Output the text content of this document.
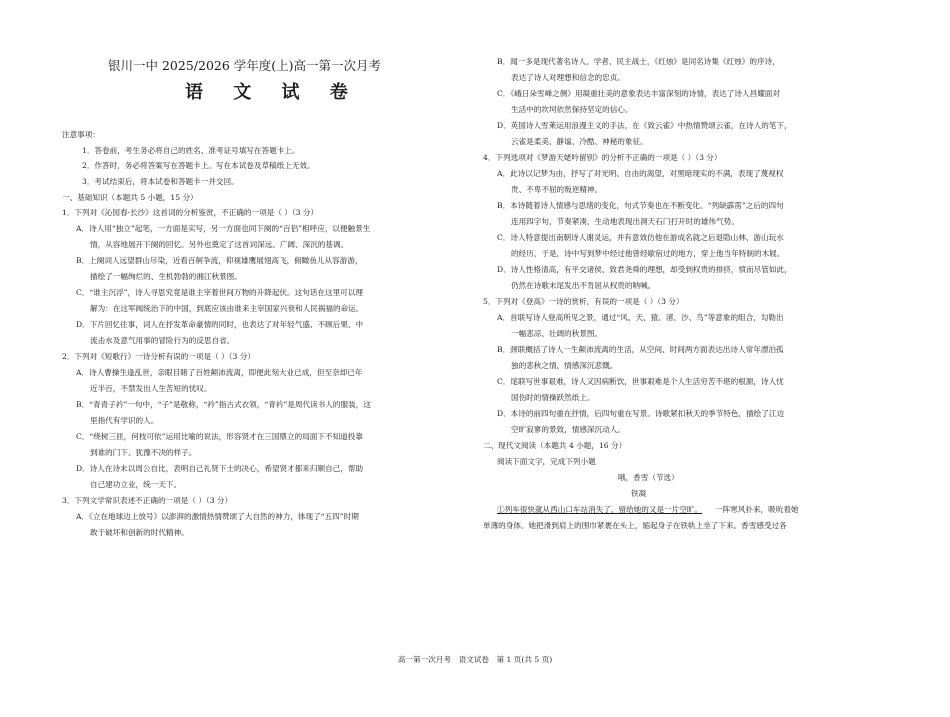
银川一中 2025/2026 学年度(上)高一第一次月考
语 文 试 卷
注意事项：
1．答卷前，考生务必将自己的姓名、准考证号填写在答题卡上。
2．作答时，务必将答案写在答题卡上。写在本试卷及草稿纸上无效。
3．考试结束后，将本试卷和答题卡一并交回。
一、基础知识（本题共 5 小题，15 分）
1．下列对《沁园春·长沙》这首词的分析鉴赏，不正确的一项是（ ）（3 分）
A．诗人用“独立”起笔，一方面是实写，另一方面也同下阕的“百侣”相呼应，以便触景生
情，从容地展开下阕的回忆。另外也奠定了这首词深远、广阔、深沉的基调。
B．上阕词人远望群山尽染，近看百舸争流，仰视雄鹰展翅高飞，俯瞰鱼儿从容游游，
描绘了一幅绚烂的、生机勃勃的湘江秋景图。
C．“谁主沉浮”，诗人寻思究竟是谁主宰着世间万物的升降起伏。这句话在这里可以理
解为：在这军阀统治下的中国，到底应该由谁来主宰国家兴衰和人民祸福的命运。
D．下片回忆往事，词人在抒发革命豪情的同时，也表达了对年轻气盛、不顾后果、中
流击水及意气用事的冒险行为的反思自省。
2．下列对《短歌行》一诗分析有误的一项是（ ）（3 分）
A．诗人曹操生逢乱世，亲眼目睹了百姓颠沛流离，即便此刻大业已成，但至奈却已年
近半百，不禁发出人生苦短的忧叹。
B．“青青子衿”一句中，“子”是敬称，“衿”指古式衣领，“青衿”是周代读书人的服装，这
里指代有学识的人。
C．“绕树三匝，何枝可依”运用比喻的说法，形容贤才在三国鼎立的局面下不知道投靠
到谁的门下、犹豫不决的样子。
D．诗人在诗末以周公自比，表明自己礼贤下士的决心，希望贤才都来归顺自己，帮助
自己建功立业，统一天下。
3．下列文学常识表述不正确的一项是（ ）（3 分）
A．《立在地球边上放号》以澎湃的激情热情赞颂了大自然的神力，体现了“五四”时期
敢于破坏和创新的时代精神。
B．闻一多是现代著名诗人、学者、民主战士，《红烛》是同名诗集《红烛》的序诗，
表达了诗人对理想和信念的忠贞。
C．《峨日朵雪峰之侧》用凝重壮美的意象表达丰富深刻的诗情，表达了诗人昌耀面对
生活中的坎坷依然保持坚定的信心。
D．英国诗人雪莱运用浪漫主义的手法，在《致云雀》中热情赞颂云雀，在诗人的笔下，
云雀是柔美、静谧、冷酷、神秘的象征。
4．下列选项对《梦游天姥吟留别》的分析不正确的一项是（ ）（3 分）
A．此诗以记梦为由，抒写了对光明、自由的渴望，对黑暗现实的不满，表现了蔑视权
贵、不卑不屈的叛逆精神。
B．本诗随着诗人情感与思绪的变化，句式节奏也在不断变化。“列缺霹雳”之后的四句
连用四字句，节奏紧凑，生动地表现出洞天石门打开时的雄伟气势。
C．诗人特意提出南朝诗人谢灵运，并有意效仿他在游成名就之后退隐山林、游山玩水
的经历，于是，诗中写到梦中经过他曾经歇宿过的地方，穿上他当年特制的木屐。
D．诗人性格清高，有平交诸侯、致君尧舜的理想，却受到权贵的排挤，愤而尽管如此，
仍然在诗歌末尾发出不肯屈从权贵的呐喊。
5．下列对《登高》一诗的赏析，有误的一项是（ ）（3 分）
A．首联写诗人登高所见之景，通过“风、天、猿、渚、沙、鸟”等意象的组合，勾勒出
一幅悲凉、壮阔的秋景图。
B．颈联概括了诗人一生颠沛流离的生活，从空间、时间两方面表达出诗人常年漂泊孤
独的悲秋之情，情感深沉悲慨。
C．尾联写世事艰难，诗人又因病断饮，世事艰难是个人生活穷苦不堪的根源，诗人忧
国伤时的情操跃然纸上。
D．本诗的前四句重在抒情，后四句重在写景。诗歌紧扣秋天的季节特色，描绘了江边
空旷寂寥的景致，情感深沉动人。
二、现代文阅读（本题共 4 小题，16 分）
阅读下面文字，完成下列小题
哦，香雪（节选）
铁凝
①列车很快就从西山口车站消失了，留给她的又是一片空旷。 一阵寒风扑来，吸吮着她
单薄的身体。她把滑到肩上的围巾紧裹在头上，缩起身子在铁轨上坐了下来。香雪感受过各
高一第一次月考　语文试卷　第 1 页(共 5 页)
